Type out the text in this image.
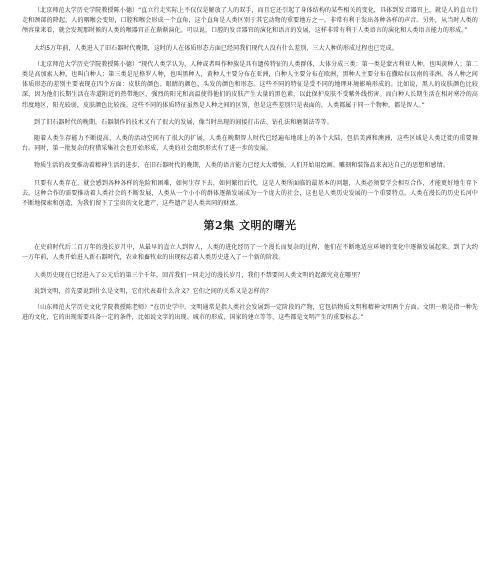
（北京师范大学历史学院教授陈小德）“直立行走实际上不仅仅是解放了人的双手，而且它还引起了身体结构的某些相关的变化，具体到发音器官上，就是人的直立行走和颈部的降起，人的咽喉会变短，口腔和喉会形成一个直角，这个直角是人类区别于其它动物的重要地方之一，非常有利于发出各种各样的声音。另外，从当时人类的颅容量来看，就会发现那时候的人类的喉器官正在渐渐演化。可以说，口腔的发音器官的演化和语言的发展，这样非常有利于人类语言的演化和人类语言能力的形成。”

大约5万年前，人类进入了旧石器时代晚期，这时的人在体质形态方面已经同我们现代人没有什么差别，三大人种的形成过程也已完成。

（北京师范大学历史学院教授陈小德）“现代人类学认为，人种或者叫作种族是具有遗传特征的人类群体，大体分成三类：第一类是蒙古利亚人种，也叫黄种人；第二类是高加索人种，也叫白种人；第三类是尼格罗人种，也叫黑种人，黄种人主要分布在亚洲，白种人主要分布在欧洲，黑种人主要分布在撒哈拉以南的非洲。各人种之间体质形态的差别主要表现在四个方面：皮肤的颜色、眼睛的颜色、头发的颜色和形态。这些不同的特征是受不同的地理环境影响形成的。比如说，黑人的皮肤颜色比较深，因为他们长期生活在赤道附近的热带地区，强烈的阳光和高温使得他们的皮肤产生大量的黑色素，以此保护皮肤不受紫外线伤害。而白种人长期生活在相对寒冷的高纬度地区，阳光较弱，皮肤颜色比较浅。这些不同的体质特征虽然是人种之间的区别，但是这些差别只是表面的，人类都属于同一个物种，都是智人。”

到了旧石器时代的晚期，石器制作的技术又有了很大的发展，像当时出现的间接打击法、钻孔法和磨制法等等。

随着人类生存能力不断提高，人类的活动空间有了很大的扩展，人类在晚期智人时代已经遍布地球上的各个大陆，包括美洲和澳洲，这些区域是人类迁徙的重要舞台。同时，第一批复杂的狩猎采集社会也开始形成，人类的社会组织形式有了进一步的发展。

物质生活的改变推动着精神生活的进步，在旧石器时代的晚期，人类的语言能力已经大大增强，人们开始用绘画、雕刻和装饰品来表达自己的思想和感情。

只要有人类存在，就会感到各种各样的危险和困难，如何生存下去，如何繁衍后代，这是人类所面临的最基本的问题，人类必须要学会相互合作，才能更好地生存下去。这种合作的需要推动着人类社会的不断发展，人类从一个小小的群体逐渐发展成为一个庞大的社会，这也是人类历史发展的一个重要特点。人类在漫长的历史长河中不断地探索和创造，为我们留下了宝贵的文化遗产，这些遗产是人类共同的财富。

第2集 文明的曙光

在史前时代后二百万年的漫长岁月中，从最早的直立人到智人，人类的进化经历了一个漫长而复杂的过程，他们在不断地适应环境的变化中逐渐发展起来。到了大约一万年前，人类开始进入新石器时代，农业和畜牧业的出现标志着人类历史进入了一个新的阶段。

人类历史现在已经进入了公元后的第三个千年，回首我们一同走过的漫长岁月，我们不禁要问人类文明的起源究竟在哪里？

说到文明，首先要说到什么是文明，它们代表着什么含义？它们之间的关系又是怎样的？

（山东师范大学历史文化学院教授陈老师）“在历史学中，文明通常是指人类社会发展到一定阶段的产物，它包括物质文明和精神文明两个方面。文明一般是指一种先进的文化，它的出现需要具备一定的条件，比如说文字的出现、城市的形成、国家的建立等等，这些都是文明产生的重要标志。”
